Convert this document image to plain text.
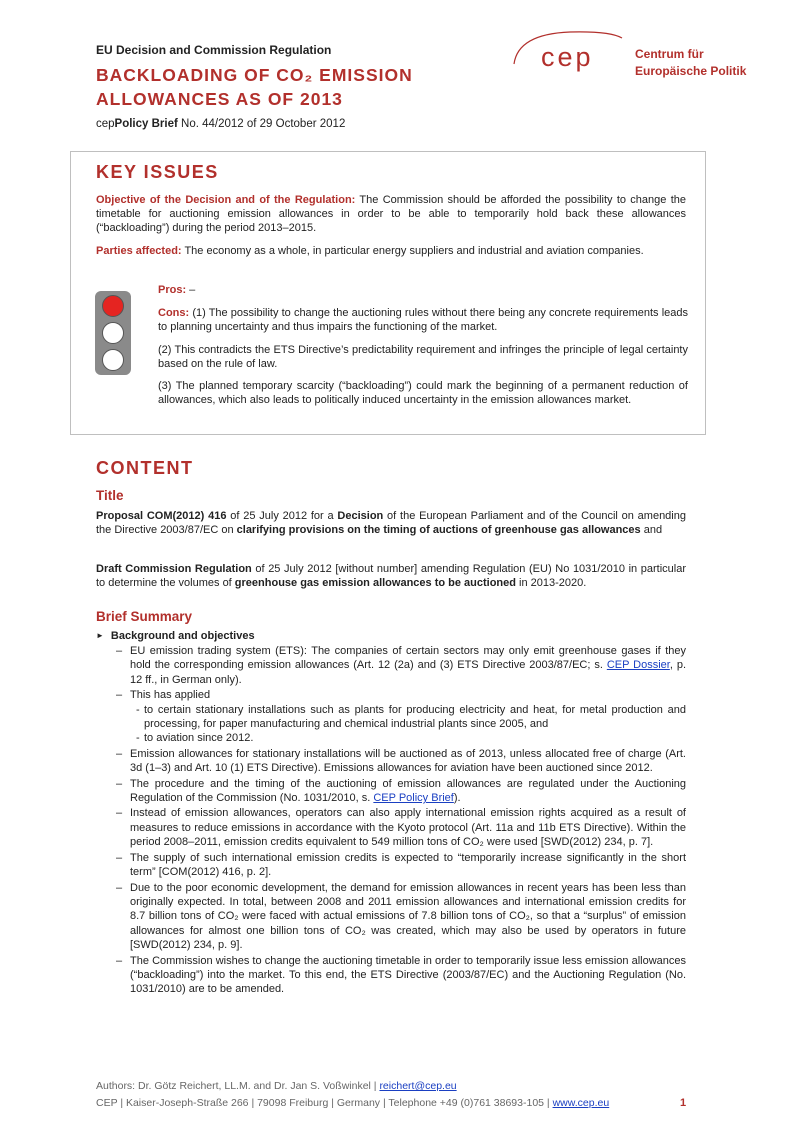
EU Decision and Commission Regulation
BACKLOADING OF CO₂ EMISSION
ALLOWANCES AS OF 2013
cepPolicy Brief No. 44/2012 of 29 October 2012
cep	Centrum für
Europäische Politik
KEY ISSUES
Objective of the Decision and of the Regulation: The Commission should be afforded the possibility to change the timetable for auctioning emission allowances in order to be able to temporarily hold back these allowances (“backloading”) during the period 2013–2015.
Parties affected: The economy as a whole, in particular energy suppliers and industrial and aviation companies.
Pros: –
Cons: (1) The possibility to change the auctioning rules without there being any concrete requirements leads to planning uncertainty and thus impairs the functioning of the market.
(2) This contradicts the ETS Directive’s predictability requirement and infringes the principle of legal certainty based on the rule of law.
(3) The planned temporary scarcity (“backloading”) could mark the beginning of a permanent reduction of allowances, which also leads to politically induced uncertainty in the emission allowances market.
CONTENT
Title
Proposal COM(2012) 416 of 25 July 2012 for a Decision of the European Parliament and of the Council on amending the Directive 2003/87/EC on clarifying provisions on the timing of auctions of greenhouse gas allowances and
Draft Commission Regulation of 25 July 2012 [without number] amending Regulation (EU) No 1031/2010 in particular to determine the volumes of greenhouse gas emission allowances to be auctioned in 2013-2020.
Brief Summary
► Background and objectives
– EU emission trading system (ETS): The companies of certain sectors may only emit greenhouse gases if they hold the corresponding emission allowances (Art. 12 (2a) and (3) ETS Directive 2003/87/EC; s. CEP Dossier, p. 12 ff., in German only).
– This has applied
- to certain stationary installations such as plants for producing electricity and heat, for metal production and processing, for paper manufacturing and chemical industrial plants since 2005, and
- to aviation since 2012.
– Emission allowances for stationary installations will be auctioned as of 2013, unless allocated free of charge (Art. 3d (1–3) and Art. 10 (1) ETS Directive). Emissions allowances for aviation have been auctioned since 2012.
– The procedure and the timing of the auctioning of emission allowances are regulated under the Auctioning Regulation of the Commission (No. 1031/2010, s. CEP Policy Brief).
– Instead of emission allowances, operators can also apply international emission rights acquired as a result of measures to reduce emissions in accordance with the Kyoto protocol (Art. 11a and 11b ETS Directive). Within the period 2008–2011, emission credits equivalent to 549 million tons of CO₂ were used [SWD(2012) 234, p. 7].
– The supply of such international emission credits is expected to “temporarily increase significantly in the short term” [COM(2012) 416, p. 2].
– Due to the poor economic development, the demand for emission allowances in recent years has been less than originally expected. In total, between 2008 and 2011 emission allowances and international emission credits for 8.7 billion tons of CO₂ were faced with actual emissions of 7.8 billion tons of CO₂, so that a “surplus” of emission allowances for almost one billion tons of CO₂ was created, which may also be used by operators in future [SWD(2012) 234, p. 9].
– The Commission wishes to change the auctioning timetable in order to temporarily issue less emission allowances (“backloading”) into the market. To this end, the ETS Directive (2003/87/EC) and the Auctioning Regulation (No. 1031/2010) are to be amended.
Authors: Dr. Götz Reichert, LL.M. and Dr. Jan S. Voßwinkel | reichert@cep.eu
CEP | Kaiser-Joseph-Straße 266 | 79098 Freiburg | Germany | Telephone +49 (0)761 38693-105 | www.cep.eu	1
